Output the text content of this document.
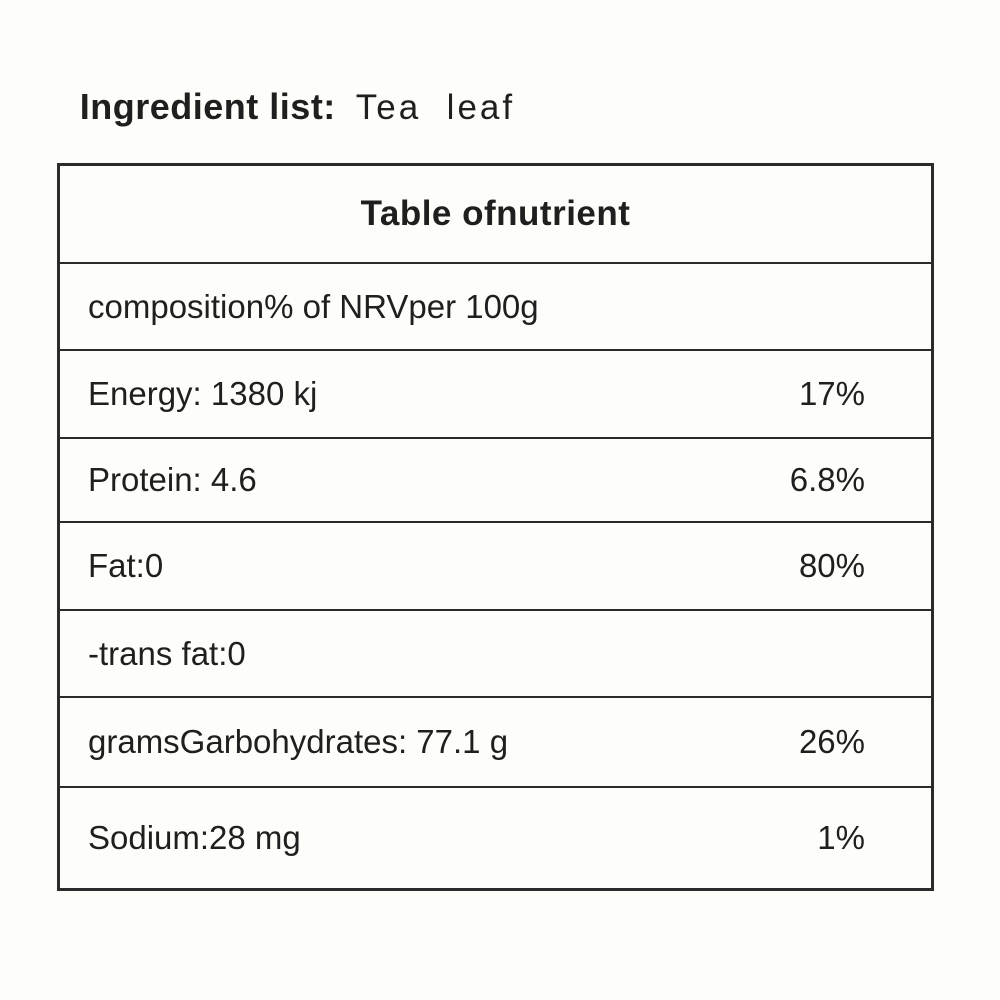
Ingredient list: Tea  leaf

Table ofnutrient
composition% of NRVper 100g
Energy: 1380 kj	17%
Protein: 4.6	6.8%
Fat:0	80%
-trans fat:0
gramsGarbohydrates: 77.1 g	26%
Sodium:28 mg	1%
